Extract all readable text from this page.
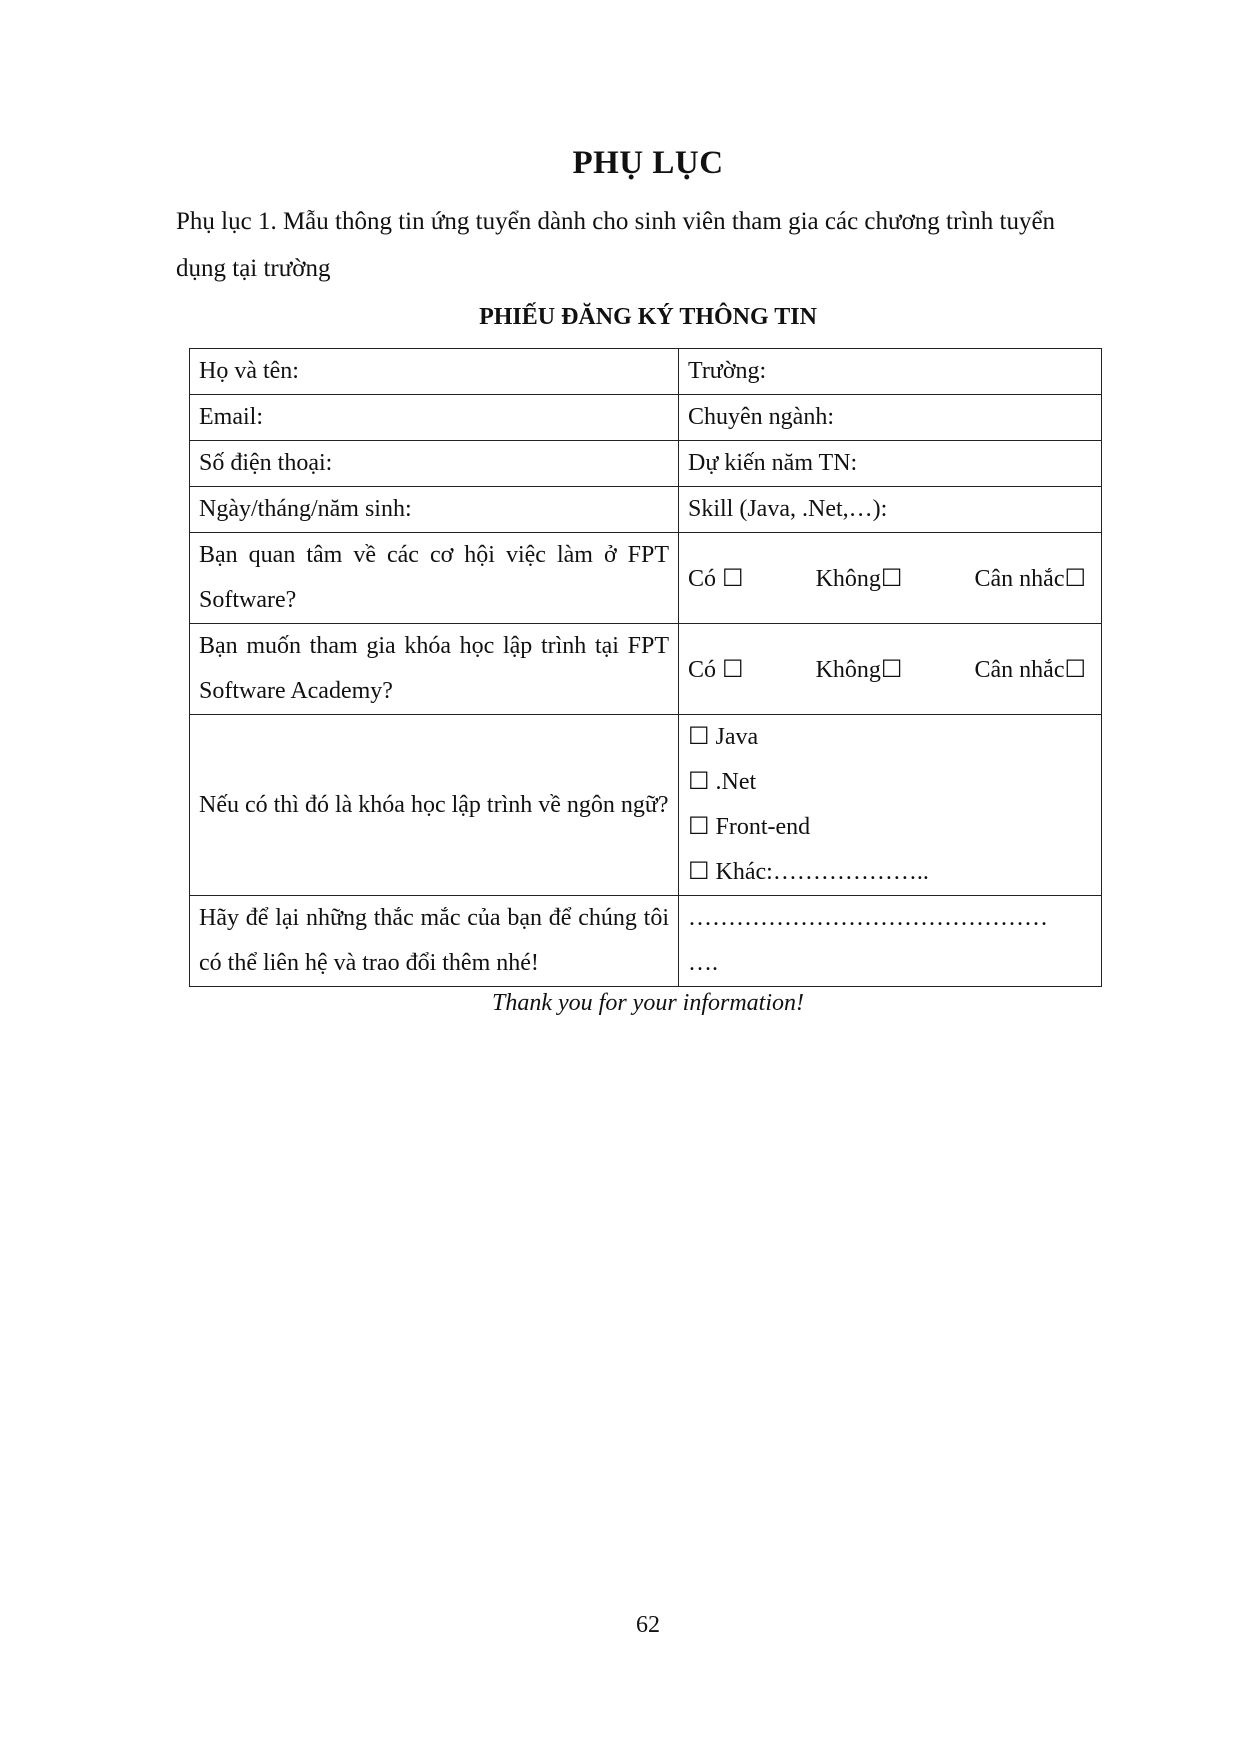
PHỤ LỤC
Phụ lục 1. Mẫu thông tin ứng tuyển dành cho sinh viên tham gia các chương trình tuyển dụng tại trường
PHIẾU ĐĂNG KÝ THÔNG TIN
Họ và tên:	Trường:
Email:	Chuyên ngành:
Số điện thoại:	Dự kiến năm TN:
Ngày/tháng/năm sinh:	Skill (Java, .Net,…):
Bạn quan tâm về các cơ hội việc làm ở FPT Software?	Có ☐ Không☐ Cân nhắc☐

Bạn muốn tham gia khóa học lập trình tại FPT Software Academy?	Có ☐ Không☐ Cân nhắc☐

Nếu có thì đó là khóa học lập trình về ngôn ngữ?	☐ Java
☐ .Net
☐ Front-end
☐ Khác:………………..

Hãy để lại những thắc mắc của bạn để chúng tôi có thể liên hệ và trao đổi thêm nhé!	………………………………………
….
Thank you for your information!
62
